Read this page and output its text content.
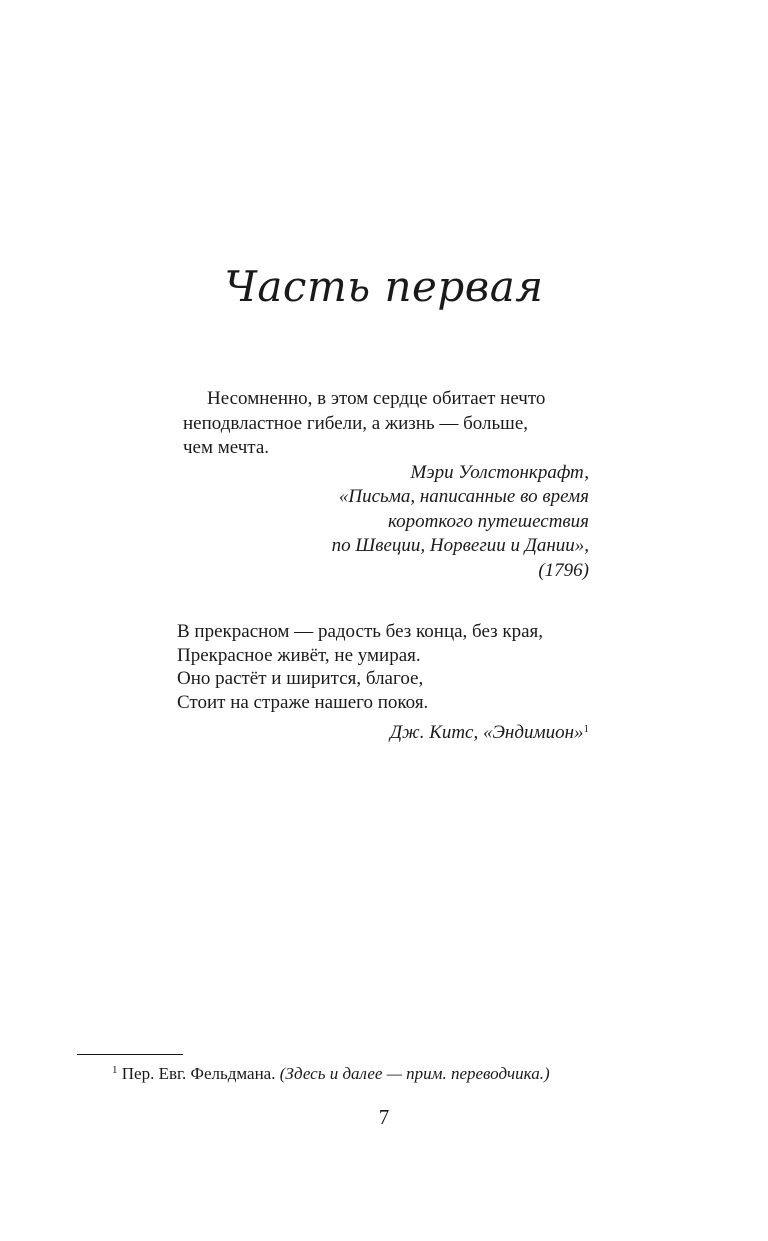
Часть первая

Несомненно, в этом сердце обитает нечто
неподвластное гибели, а жизнь — больше,
чем мечта.

Мэри Уолстонкрафт,
«Письма, написанные во время
короткого путешествия
по Швеции, Норвегии и Дании»,
(1796)
В прекрасном — радость без конца, без края,
Прекрасное живёт, не умирая.
Оно растёт и ширится, благое,
Стоит на страже нашего покоя.
Дж. Китс, «Эндимион»$^1$
$^1$ Пер. Евг. Фельдмана. (Здесь и далее — прим. переводчика.)
7
